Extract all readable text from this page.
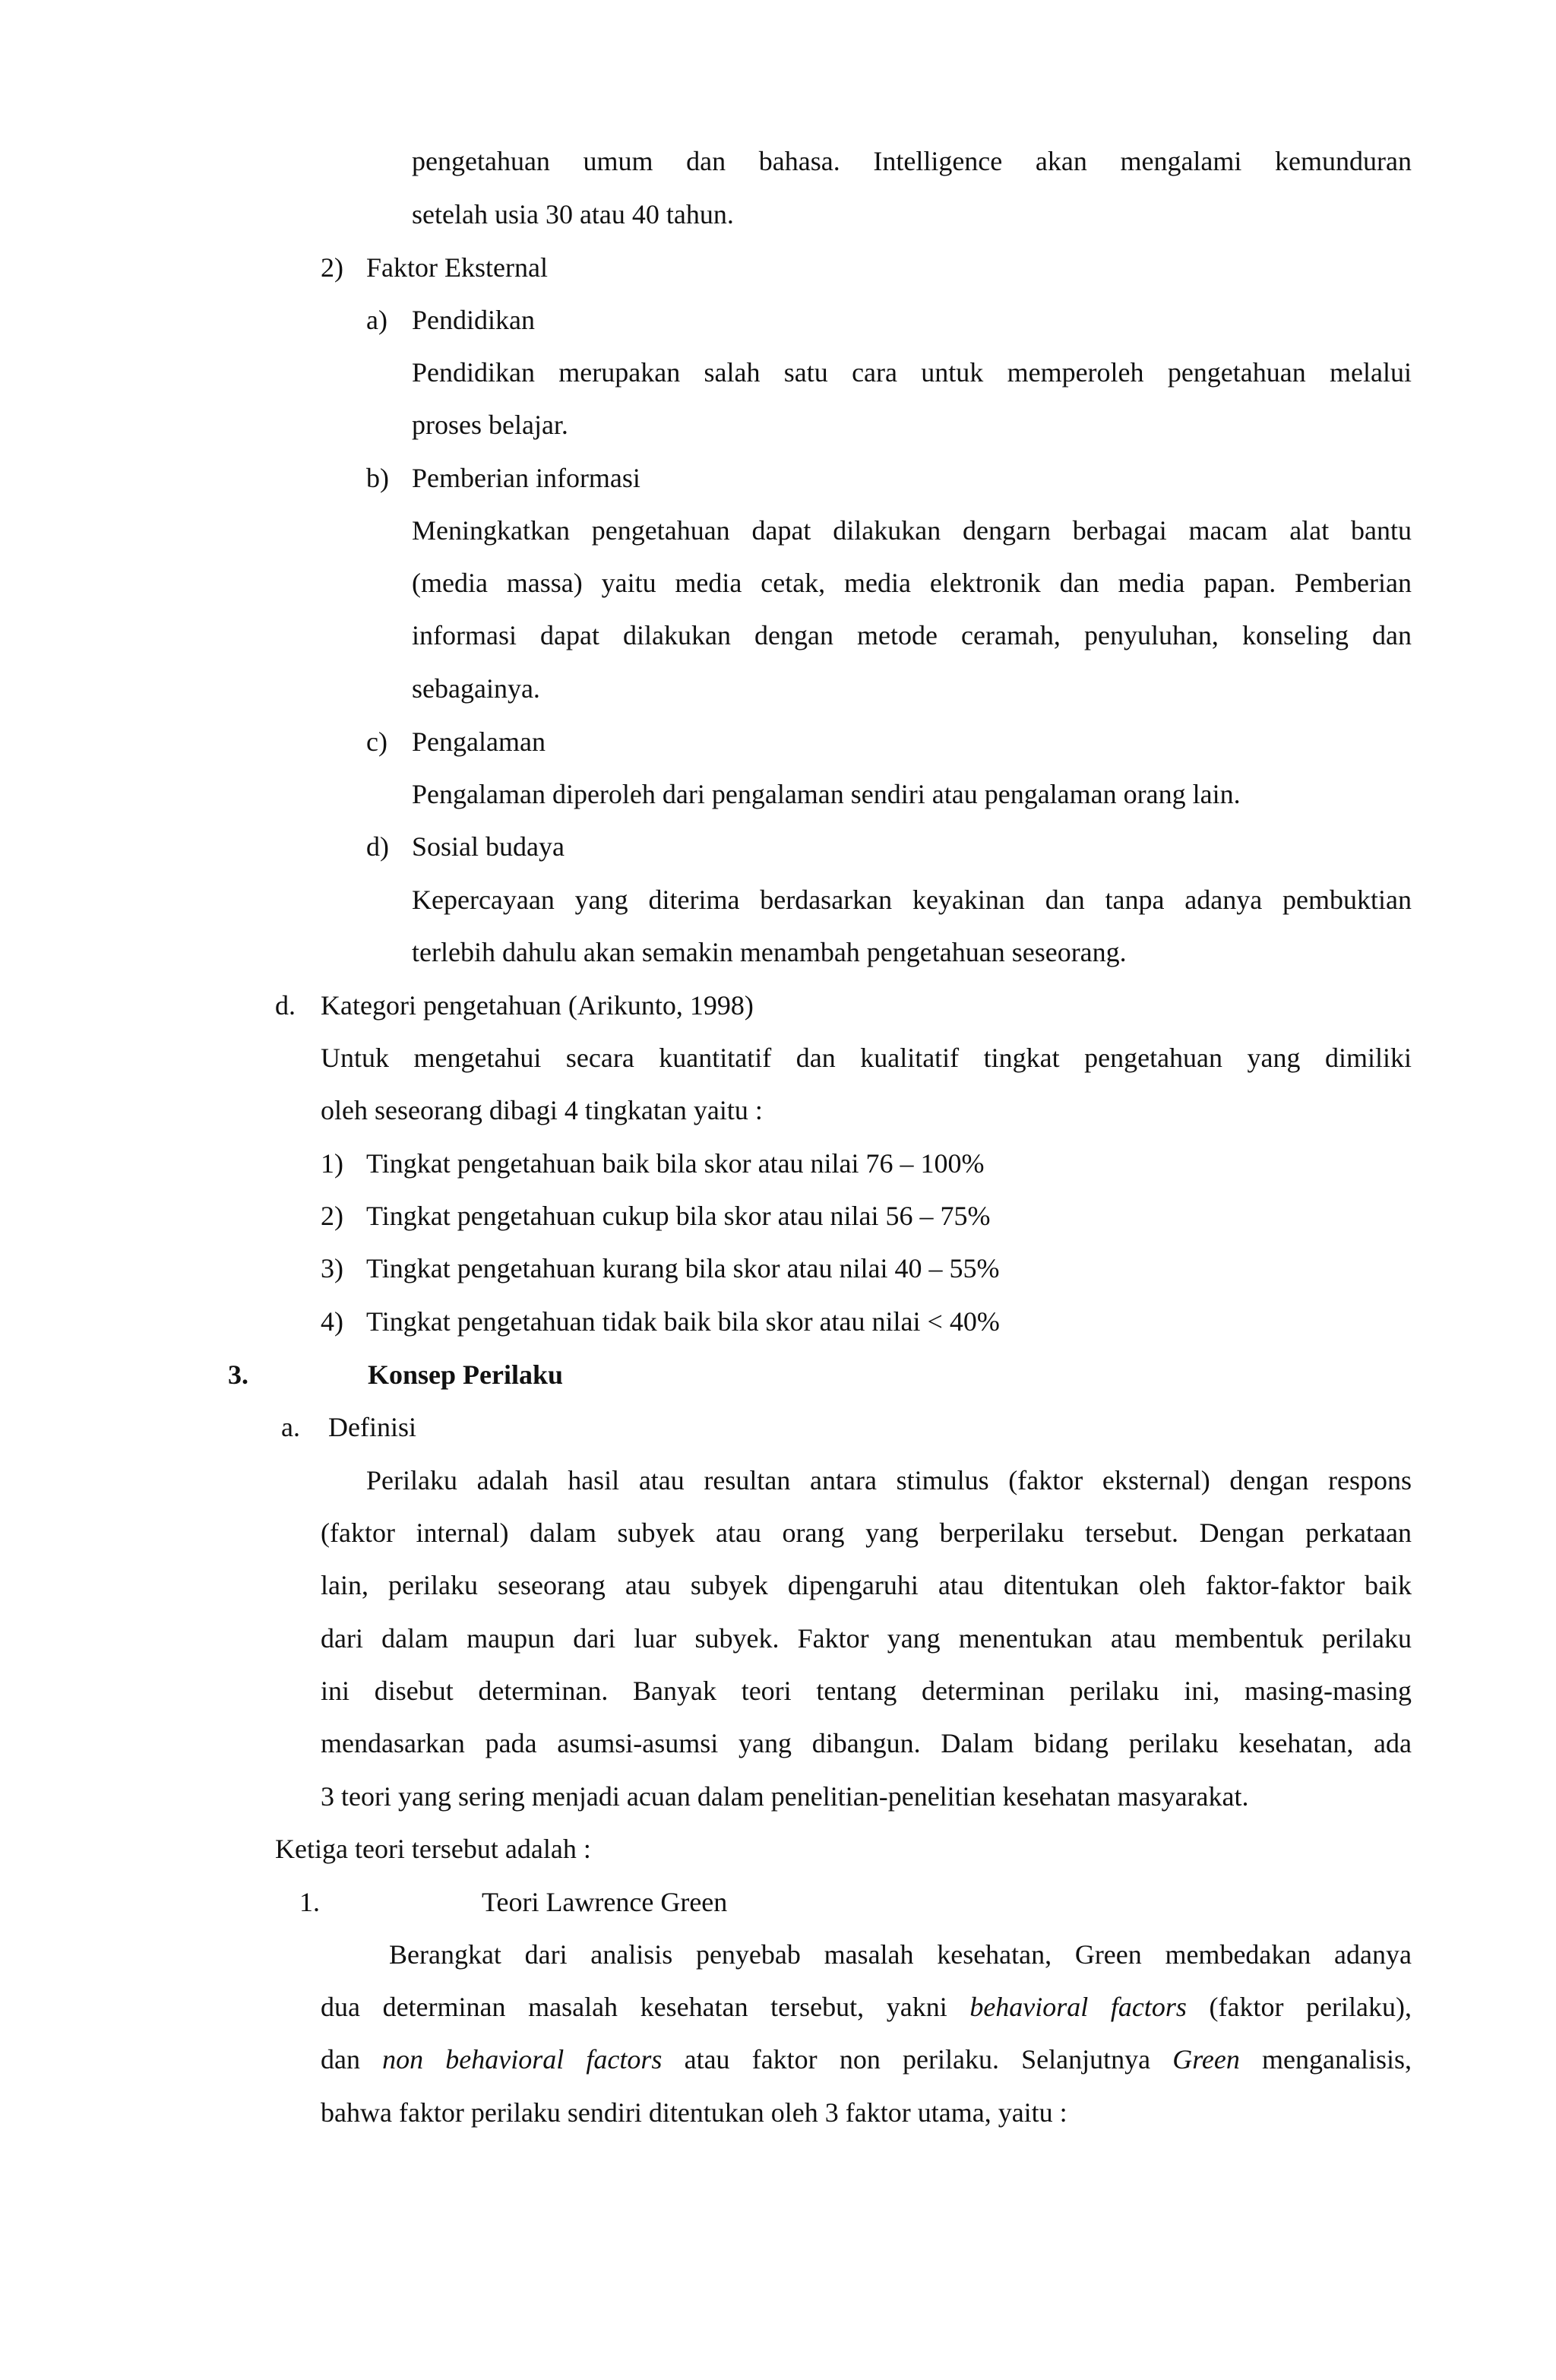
pengetahuan umum dan bahasa. Intelligence akan mengalami kemunduran
setelah usia 30 atau 40 tahun.
2) Faktor Eksternal
a) Pendidikan
Pendidikan merupakan salah satu cara untuk memperoleh pengetahuan melalui
proses belajar.
b) Pemberian informasi
Meningkatkan pengetahuan dapat dilakukan dengarn berbagai macam alat bantu
(media massa) yaitu media cetak, media elektronik dan media papan. Pemberian
informasi dapat dilakukan dengan metode ceramah, penyuluhan, konseling dan
sebagainya.
c) Pengalaman
Pengalaman diperoleh dari pengalaman sendiri atau pengalaman orang lain.
d) Sosial budaya
Kepercayaan yang diterima berdasarkan keyakinan dan tanpa adanya pembuktian
terlebih dahulu akan semakin menambah pengetahuan seseorang.
d. Kategori pengetahuan (Arikunto, 1998)
Untuk mengetahui secara kuantitatif dan kualitatif tingkat pengetahuan yang dimiliki
oleh seseorang dibagi 4 tingkatan yaitu :
1) Tingkat pengetahuan baik bila skor atau nilai 76 – 100%
2) Tingkat pengetahuan cukup bila skor atau nilai 56 – 75%
3) Tingkat pengetahuan kurang bila skor atau nilai 40 – 55%
4) Tingkat pengetahuan tidak baik bila skor atau nilai < 40%
3.	Konsep Perilaku
a. Definisi
Perilaku adalah hasil atau resultan antara stimulus (faktor eksternal) dengan respons
(faktor internal) dalam subyek atau orang yang berperilaku tersebut. Dengan perkataan
lain, perilaku seseorang atau subyek dipengaruhi atau ditentukan oleh faktor-faktor baik
dari dalam maupun dari luar subyek. Faktor yang menentukan atau membentuk perilaku
ini disebut determinan. Banyak teori tentang determinan perilaku ini, masing-masing
mendasarkan pada asumsi-asumsi yang dibangun. Dalam bidang perilaku kesehatan, ada
3 teori yang sering menjadi acuan dalam penelitian-penelitian kesehatan masyarakat.
Ketiga teori tersebut adalah :
1.	Teori Lawrence Green
Berangkat dari analisis penyebab masalah kesehatan, Green membedakan adanya
dua determinan masalah kesehatan tersebut, yakni behavioral factors (faktor perilaku),
dan non behavioral factors atau faktor non perilaku. Selanjutnya Green menganalisis,
bahwa faktor perilaku sendiri ditentukan oleh 3 faktor utama, yaitu :
